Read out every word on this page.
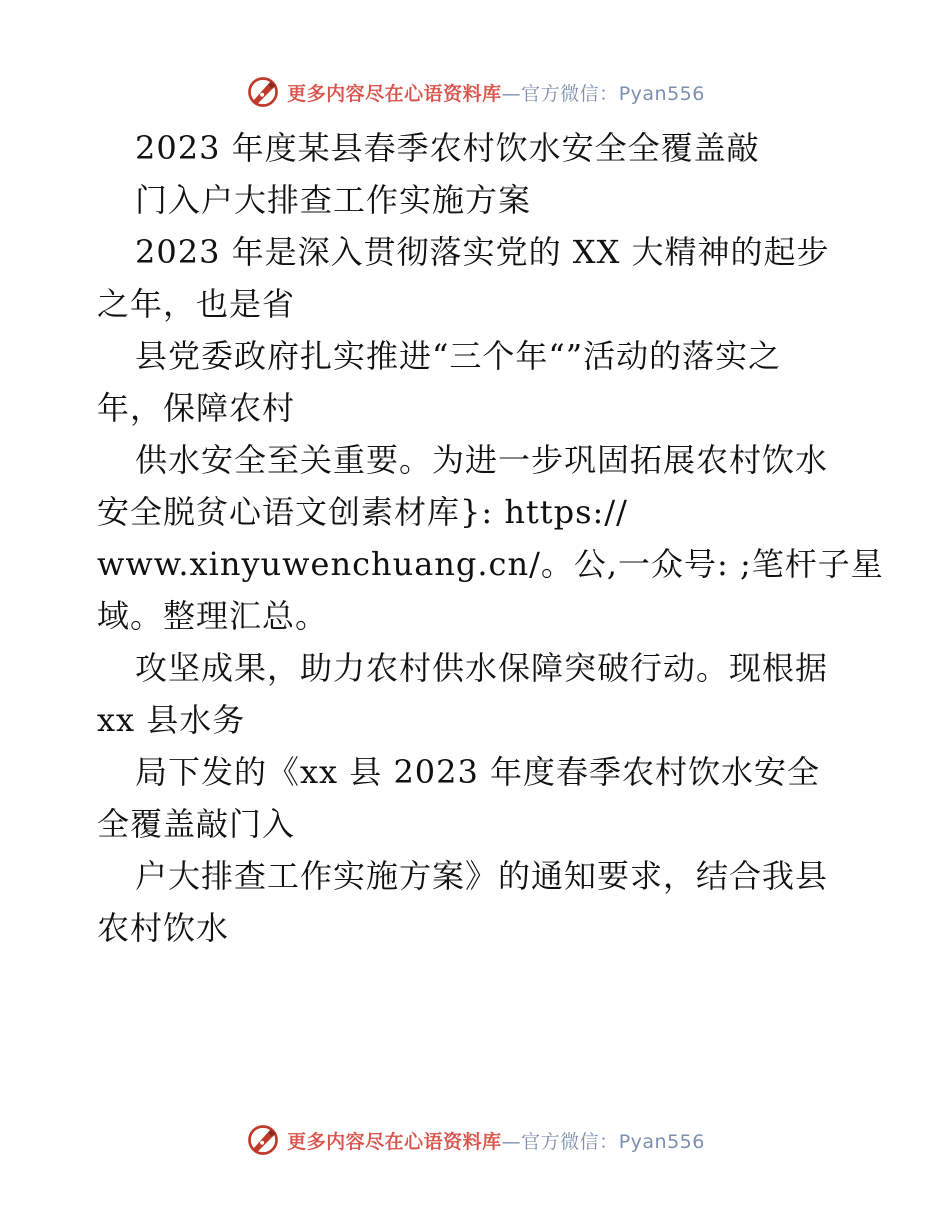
更多内容尽在心语资料库—官方微信：Pyan556
2023 年度某县春季农村饮水安全全覆盖敲
门入户大排查工作实施方案
2023 年是深入贯彻落实党的 XX 大精神的起步
之年，也是省
县党委政府扎实推进“三个年“”活动的落实之
年，保障农村
供水安全至关重要。为进一步巩固拓展农村饮水
安全脱贫心语文创素材库}: https://
www.xinyuwenchuang.cn/。公,一众号: ;笔杆子星
域。整理汇总。
攻坚成果，助力农村供水保障突破行动。现根据
xx 县水务
局下发的《xx 县 2023 年度春季农村饮水安全
全覆盖敲门入
户大排查工作实施方案》的通知要求，结合我县
农村饮水
更多内容尽在心语资料库—官方微信：Pyan556
